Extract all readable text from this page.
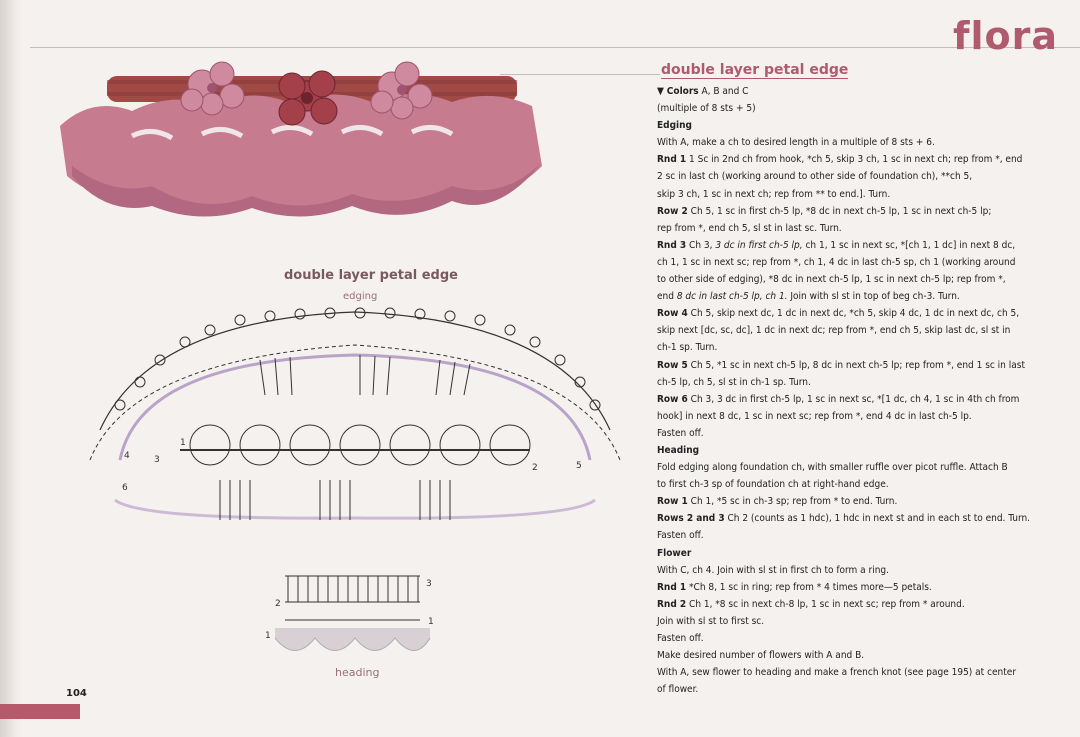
flora
double layer petal edge
edging
4	3
2	5
6
1
3
2
1
1
heading
double layer petal edge
▼ Colors A, B and C
(multiple of 8 sts + 5)
Edging
With A, make a ch to desired length in a multiple of 8 sts + 6.
Rnd 1 1 Sc in 2nd ch from hook, *ch 5, skip 3 ch, 1 sc in next ch; rep from *, end
2 sc in last ch (working around to other side of foundation ch), **ch 5,
skip 3 ch, 1 sc in next ch; rep from ** to end.]. Turn.
Row 2 Ch 5, 1 sc in first ch-5 lp, *8 dc in next ch-5 lp, 1 sc in next ch-5 lp;
rep from *, end ch 5, sl st in last sc. Turn.
Rnd 3 Ch 3, 3 dc in first ch-5 lp, ch 1, 1 sc in next sc, *[ch 1, 1 dc] in next 8 dc,
ch 1, 1 sc in next sc; rep from *, ch 1, 4 dc in last ch-5 sp, ch 1 (working around
to other side of edging), *8 dc in next ch-5 lp, 1 sc in next ch-5 lp; rep from *,
end 8 dc in last ch-5 lp, ch 1. Join with sl st in top of beg ch-3. Turn.
Row 4 Ch 5, skip next dc, 1 dc in next dc, *ch 5, skip 4 dc, 1 dc in next dc, ch 5,
skip next [dc, sc, dc], 1 dc in next dc; rep from *, end ch 5, skip last dc, sl st in
ch-1 sp. Turn.
Row 5 Ch 5, *1 sc in next ch-5 lp, 8 dc in next ch-5 lp; rep from *, end 1 sc in last
ch-5 lp, ch 5, sl st in ch-1 sp. Turn.
Row 6 Ch 3, 3 dc in first ch-5 lp, 1 sc in next sc, *[1 dc, ch 4, 1 sc in 4th ch from
hook] in next 8 dc, 1 sc in next sc; rep from *, end 4 dc in last ch-5 lp.
Fasten off.
Heading
Fold edging along foundation ch, with smaller ruffle over picot ruffle. Attach B
to first ch-3 sp of foundation ch at right-hand edge.
Row 1 Ch 1, *5 sc in ch-3 sp; rep from * to end. Turn.
Rows 2 and 3 Ch 2 (counts as 1 hdc), 1 hdc in next st and in each st to end. Turn.
Fasten off.
Flower
With C, ch 4. Join with sl st in first ch to form a ring.
Rnd 1 *Ch 8, 1 sc in ring; rep from * 4 times more—5 petals.
Rnd 2 Ch 1, *8 sc in next ch-8 lp, 1 sc in next sc; rep from * around.
Join with sl st to first sc.
Fasten off.
Make desired number of flowers with A and B.
With A, sew flower to heading and make a french knot (see page 195) at center
of flower.
104
